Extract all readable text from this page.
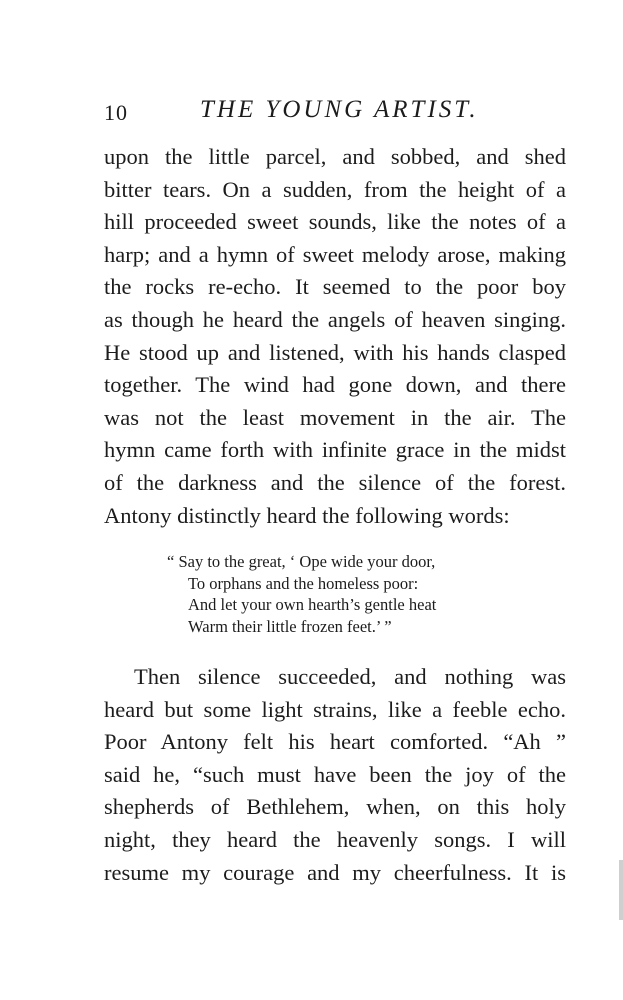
10	THE YOUNG ARTIST.

upon the little parcel, and sobbed, and shed
bitter tears. On a sudden, from the height of a
hill proceeded sweet sounds, like the notes of a
harp; and a hymn of sweet melody arose, making
the rocks re-echo. It seemed to the poor boy
as though he heard the angels of heaven singing.
He stood up and listened, with his hands clasped
together. The wind had gone down, and there
was not the least movement in the air. The
hymn came forth with infinite grace in the midst
of the darkness and the silence of the forest.
Antony distinctly heard the following words:

“ Say to the great, ‘ Ope wide your door,
To orphans and the homeless poor:
And let your own hearth’s gentle heat
Warm their little frozen feet.’ ”

Then silence succeeded, and nothing was
heard but some light strains, like a feeble echo.
Poor Antony felt his heart comforted. “Ah ”
said he, “such must have been the joy of the
shepherds of Bethlehem, when, on this holy
night, they heard the heavenly songs. I will
resume my courage and my cheerfulness. It is
